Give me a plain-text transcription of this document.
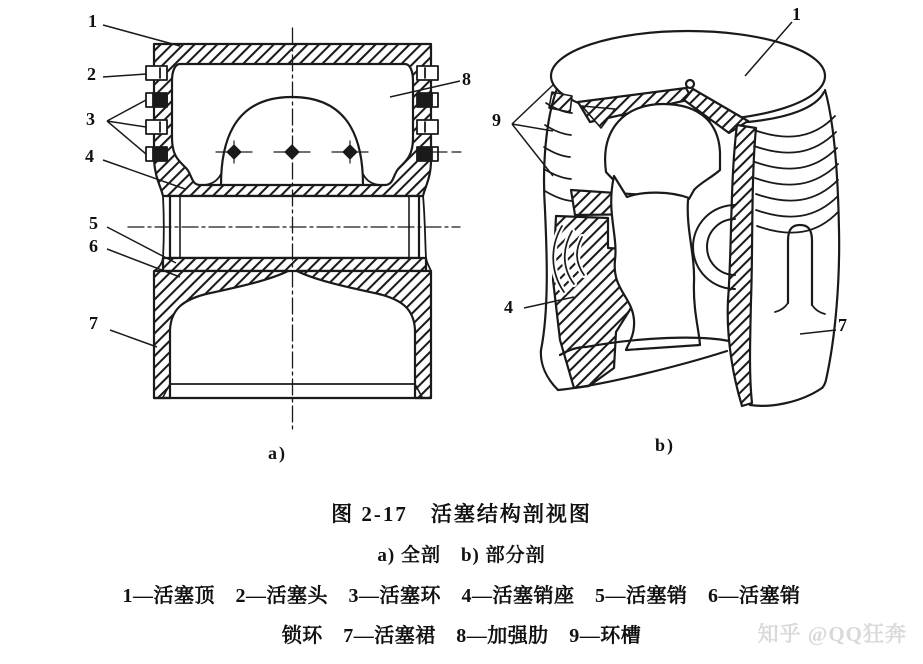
1
2
3
4
5
6
7
8
1
9
4
7
a)	b)
图 2-17　活塞结构剖视图
a) 全剖　b) 部分剖
1—活塞顶　2—活塞头　3—活塞环　4—活塞销座　5—活塞销　6—活塞销
锁环　7—活塞裙　8—加强肋　9—环槽	知乎 @QQ狂奔
